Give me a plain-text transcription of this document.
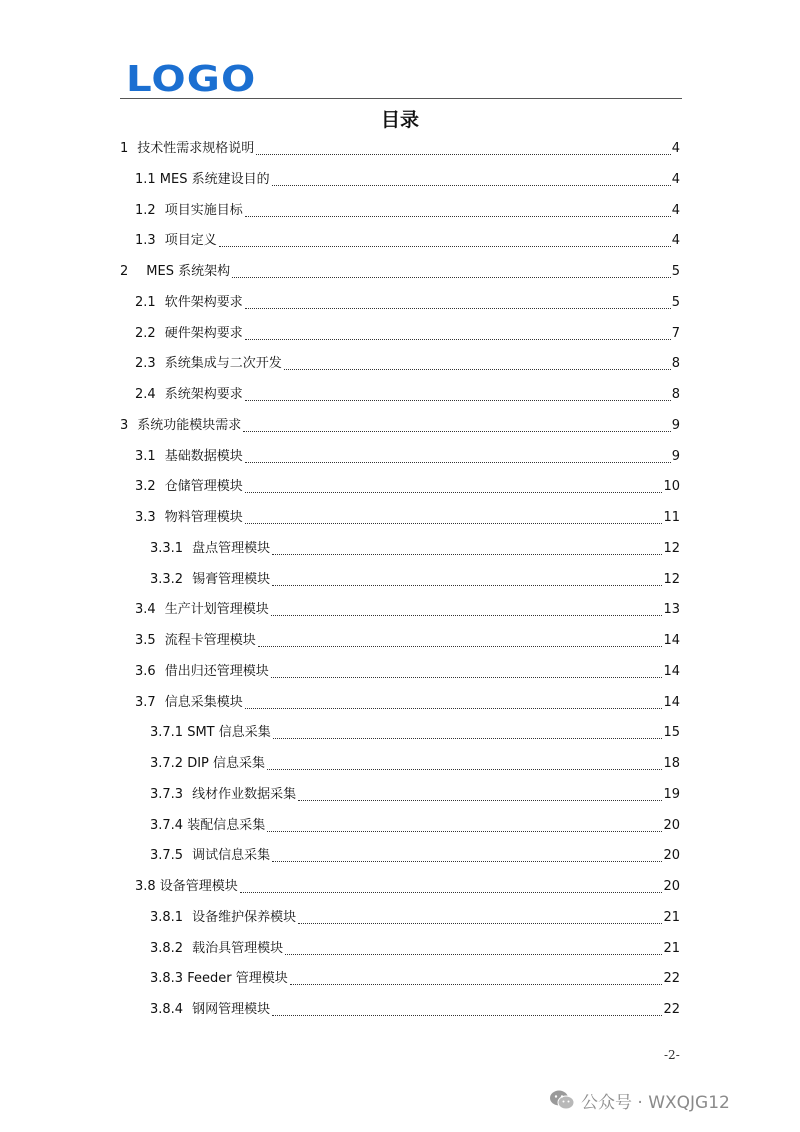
LOGO
目录
1 技术性需求规格说明	4
1.1 MES 系统建设目的	4
1.2 项目实施目标	4
1.3 项目定义	4
2 MES 系统架构	5
2.1 软件架构要求	5
2.2 硬件架构要求	7
2.3 系统集成与二次开发	8
2.4 系统架构要求	8
3 系统功能模块需求	9
3.1 基础数据模块	9
3.2 仓储管理模块	10
3.3 物料管理模块	11
3.3.1 盘点管理模块	12
3.3.2 锡膏管理模块	12
3.4 生产计划管理模块	13
3.5 流程卡管理模块	14
3.6 借出归还管理模块	14
3.7 信息采集模块	14
3.7.1 SMT 信息采集	15
3.7.2 DIP 信息采集	18
3.7.3 线材作业数据采集	19
3.7.4 装配信息采集	20
3.7.5 调试信息采集	20
3.8 设备管理模块	20
3.8.1 设备维护保养模块	21
3.8.2 载治具管理模块	21
3.8.3 Feeder 管理模块	22
3.8.4 钢网管理模块	22
-2-
公众号 · WXQJG12
